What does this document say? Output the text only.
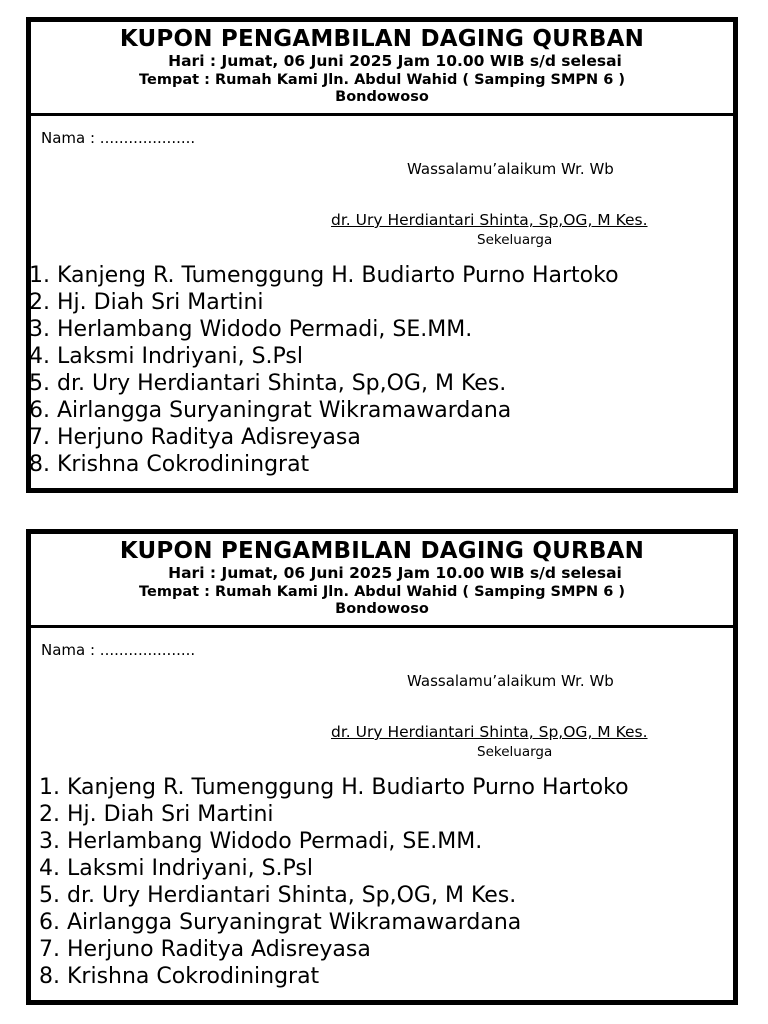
KUPON PENGAMBILAN DAGING QURBAN
Hari : Jumat, 06 Juni 2025 Jam 10.00 WIB s/d selesai
Tempat : Rumah Kami Jln. Abdul Wahid ( Samping SMPN 6 )
Bondowoso
Nama : ....................
Wassalamu’alaikum Wr. Wb
dr. Ury Herdiantari Shinta, Sp,OG, M Kes.
Sekeluarga
1. Kanjeng R. Tumenggung H. Budiarto Purno Hartoko
2. Hj. Diah Sri Martini
3. Herlambang Widodo Permadi, SE.MM.
4. Laksmi Indriyani, S.Psl
5. dr. Ury Herdiantari Shinta, Sp,OG, M Kes.
6. Airlangga Suryaningrat Wikramawardana
7. Herjuno Raditya Adisreyasa
8. Krishna Cokrodiningrat
KUPON PENGAMBILAN DAGING QURBAN
Hari : Jumat, 06 Juni 2025 Jam 10.00 WIB s/d selesai
Tempat : Rumah Kami Jln. Abdul Wahid ( Samping SMPN 6 )
Bondowoso
Nama : ....................
Wassalamu’alaikum Wr. Wb
dr. Ury Herdiantari Shinta, Sp,OG, M Kes.
Sekeluarga
1. Kanjeng R. Tumenggung H. Budiarto Purno Hartoko
2. Hj. Diah Sri Martini
3. Herlambang Widodo Permadi, SE.MM.
4. Laksmi Indriyani, S.Psl
5. dr. Ury Herdiantari Shinta, Sp,OG, M Kes.
6. Airlangga Suryaningrat Wikramawardana
7. Herjuno Raditya Adisreyasa
8. Krishna Cokrodiningrat
